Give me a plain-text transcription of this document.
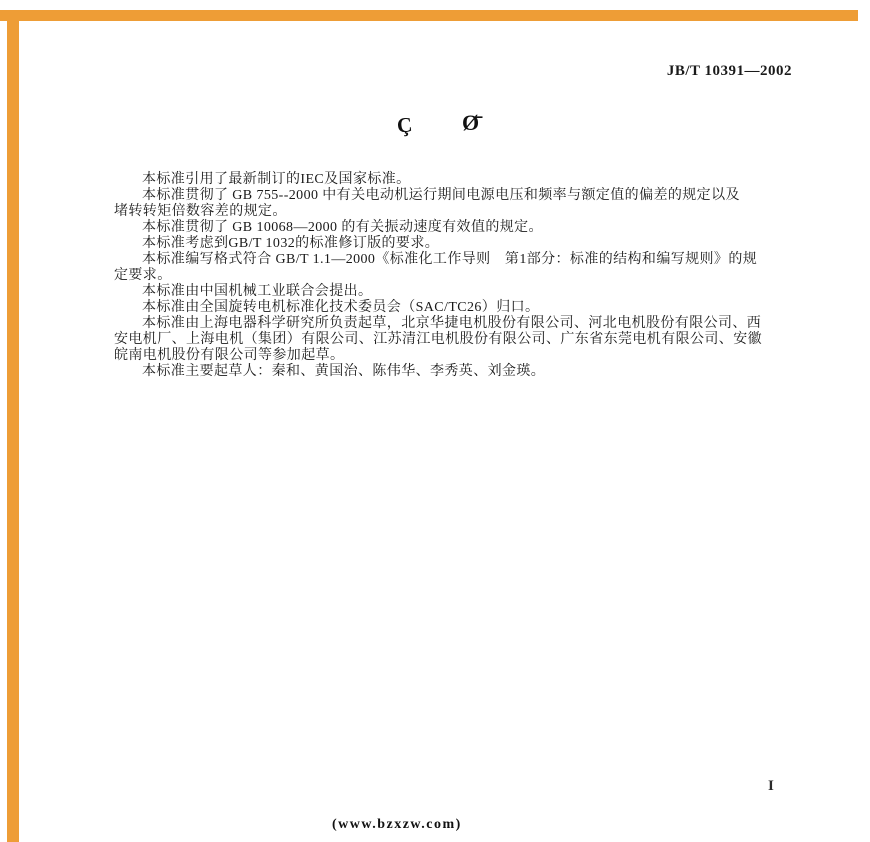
JB/T 10391—2002
Ç Ø̄
本标准引用了最新制订的IEC及国家标准。
本标准贯彻了 GB 755--2000 中有关电动机运行期间电源电压和频率与额定值的偏差的规定以及
堵转转矩倍数容差的规定。
本标准贯彻了 GB 10068—2000 的有关振动速度有效值的规定。
本标准考虑到GB/T 1032的标准修订版的要求。
本标准编写格式符合 GB/T 1.1—2000《标准化工作导则　第1部分：标准的结构和编写规则》的规
定要求。
本标准由中国机械工业联合会提出。
本标准由全国旋转电机标准化技术委员会（SAC/TC26）归口。
本标准由上海电器科学研究所负责起草，北京华捷电机股份有限公司、河北电机股份有限公司、西
安电机厂、上海电机（集团）有限公司、江苏清江电机股份有限公司、广东省东莞电机有限公司、安徽
皖南电机股份有限公司等参加起草。
本标准主要起草人：秦和、黄国治、陈伟华、李秀英、刘金瑛。
I
(www.bzxzw.com)
